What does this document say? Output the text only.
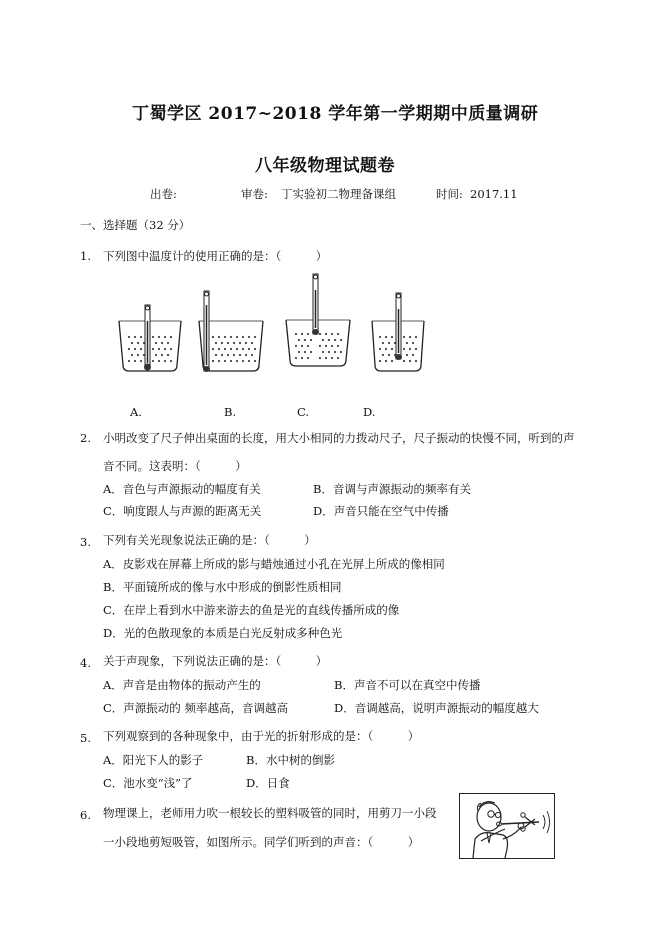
丁蜀学区 2017~2018 学年第一学期期中质量调研
八年级物理试题卷
出卷:	审卷: 丁实验初二物理备课组	时间: 2017.11
一、选择题（32 分）
1. 下列图中温度计的使用正确的是：（　　　）
A.	B.	C.	D.
2. 小明改变了尺子伸出桌面的长度，用大小相同的力拨动尺子，尺子振动的快慢不同，听到的声
音不同。这表明：（　　　）
A．音色与声源振动的幅度有关	B．音调与声源振动的频率有关
C．响度跟人与声源的距离无关	D．声音只能在空气中传播
3. 下列有关光现象说法正确的是：（　　　）
A．皮影戏在屏幕上所成的影与蜡烛通过小孔在光屏上所成的像相同
B．平面镜所成的像与水中形成的倒影性质相同
C．在岸上看到水中游来游去的鱼是光的直线传播所成的像
D．光的色散现象的本质是白光反射成多种色光
4. 关于声现象，下列说法正确的是：（　　　）
A．声音是由物体的振动产生的	B．声音不可以在真空中传播
C．声源振动的 频率越高，音调越高	D．音调越高，说明声源振动的幅度越大
5. 下列观察到的各种现象中，由于光的折射形成的是：（　　　）
A．阳光下人的影子	B．水中树的倒影
C．池水变“浅”了	D．日食
6. 物理课上，老师用力吹一根较长的塑料吸管的同时，用剪刀一小段
一小段地剪短吸管，如图所示。同学们听到的声音：（　　　）
